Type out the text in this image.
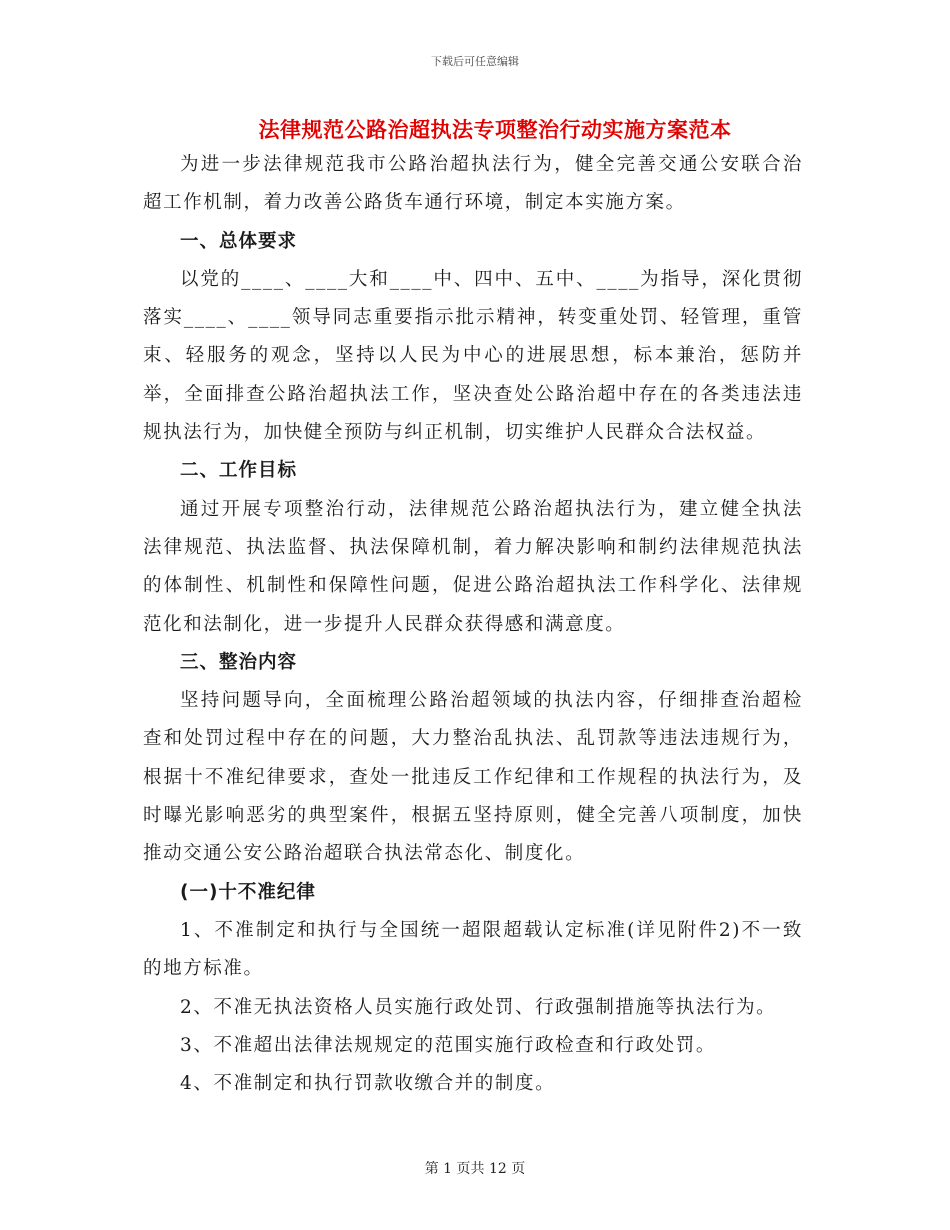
下载后可任意编辑
法律规范公路治超执法专项整治行动实施方案范本

为进一步法律规范我市公路治超执法行为，健全完善交通公安联合治超工作机制，着力改善公路货车通行环境，制定本实施方案。

一、总体要求

以党的____、____大和____中、四中、五中、____为指导，深化贯彻落实____、____领导同志重要指示批示精神，转变重处罚、轻管理，重管束、轻服务的观念，坚持以人民为中心的进展思想，标本兼治，惩防并举，全面排查公路治超执法工作，坚决查处公路治超中存在的各类违法违规执法行为，加快健全预防与纠正机制，切实维护人民群众合法权益。

二、工作目标

通过开展专项整治行动，法律规范公路治超执法行为，建立健全执法法律规范、执法监督、执法保障机制，着力解决影响和制约法律规范执法的体制性、机制性和保障性问题，促进公路治超执法工作科学化、法律规范化和法制化，进一步提升人民群众获得感和满意度。

三、整治内容

坚持问题导向，全面梳理公路治超领域的执法内容，仔细排查治超检查和处罚过程中存在的问题，大力整治乱执法、乱罚款等违法违规行为，根据十不准纪律要求，查处一批违反工作纪律和工作规程的执法行为，及时曝光影响恶劣的典型案件，根据五坚持原则，健全完善八项制度，加快推动交通公安公路治超联合执法常态化、制度化。

(一)十不准纪律

1、不准制定和执行与全国统一超限超载认定标准(详见附件2)不一致的地方标准。

2、不准无执法资格人员实施行政处罚、行政强制措施等执法行为。

3、不准超出法律法规规定的范围实施行政检查和行政处罚。

4、不准制定和执行罚款收缴合并的制度。

第 1 页共 12 页
